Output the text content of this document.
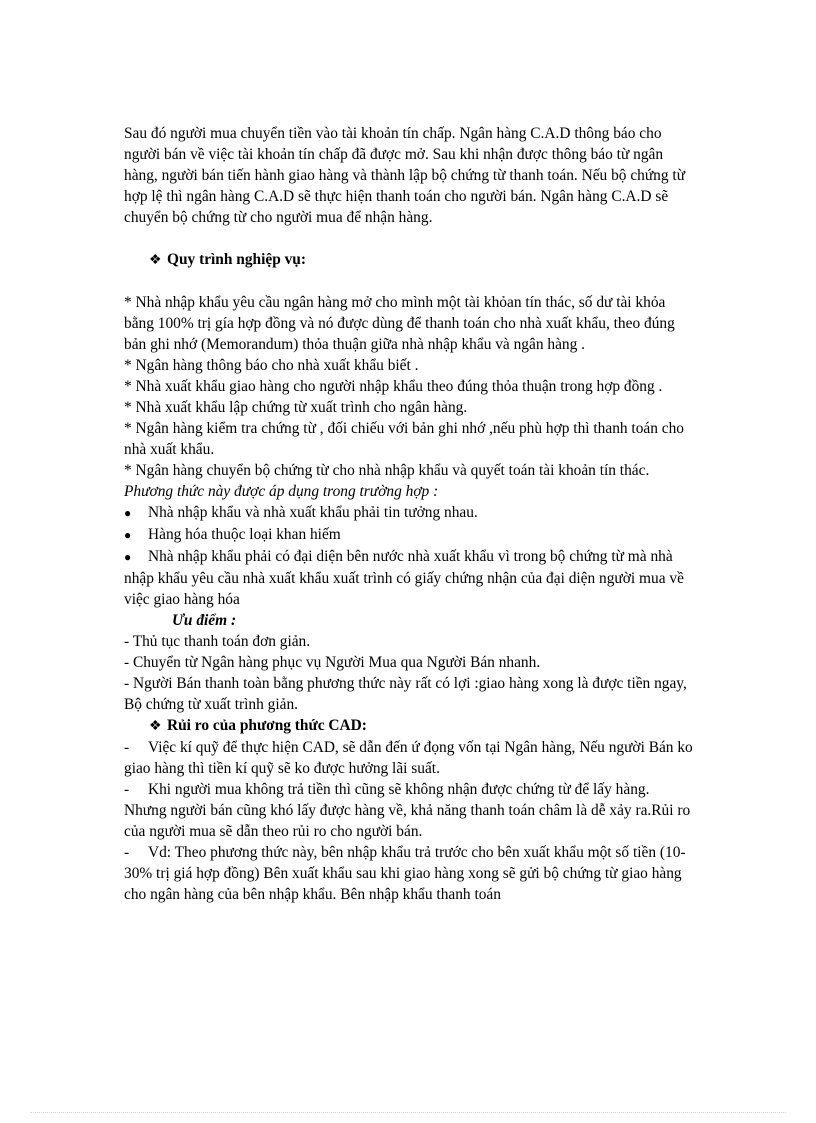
Sau đó người mua chuyển tiền vào tài khoản tín chấp. Ngân hàng C.A.D thông báo cho người bán về việc tài khoản tín chấp đã được mở. Sau khi nhận được thông báo từ ngân hàng, người bán tiến hành giao hàng và thành lập bộ chứng từ thanh toán. Nếu bộ chứng từ hợp lệ thì ngân hàng C.A.D sẽ thực hiện thanh toán cho người bán. Ngân hàng C.A.D sẽ chuyển bộ chứng từ cho người mua để nhận hàng.

❖ Quy trình nghiệp vụ:

* Nhà nhập khẩu yêu cầu ngân hàng mở cho mình một tài khỏan tín thác, số dư tài khỏa bằng 100% trị gía hợp đồng và nó được dùng để thanh toán cho nhà xuất khẩu, theo đúng bản ghi nhớ (Memorandum) thỏa thuận giữa nhà nhập khẩu và ngân hàng .

* Ngân hàng thông báo cho nhà xuất khẩu biết .

* Nhà xuất khẩu giao hàng cho người nhập khẩu theo đúng thỏa thuận trong hợp đồng .

* Nhà xuất khẩu lập chứng từ xuất trình cho ngân hàng.

* Ngân hàng kiểm tra chứng từ , đối chiếu với bản ghi nhớ ,nếu phù hợp thì thanh toán cho nhà xuất khẩu.

* Ngân hàng chuyển bộ chứng từ cho nhà nhập khẩu và quyết toán tài khoản tín thác.

Phương thức này được áp dụng trong trường hợp :

● Nhà nhập khẩu và nhà xuất khẩu phải tin tưởng nhau.

● Hàng hóa thuộc loại khan hiếm

● Nhà nhập khẩu phải có đại diện bên nước nhà xuất khẩu vì trong bộ chứng từ mà nhà nhập khẩu yêu cầu nhà xuất khẩu xuất trình có giấy chứng nhận của đại diện người mua về việc giao hàng hóa

Ưu điểm :

- Thủ tục thanh toán đơn giản.

- Chuyển từ Ngân hàng phục vụ Người Mua qua Người Bán nhanh.

- Người Bán thanh toàn bằng phương thức này rất có lợi :giao hàng xong là được tiền ngay, Bộ chứng từ xuất trình giản.

❖ Rủi ro của phương thức CAD:

- Việc kí quỹ để thực hiện CAD, sẽ dẫn đến ứ đọng vốn tại Ngân hàng, Nếu người Bán ko giao hàng thì tiền kí quỹ sẽ ko được hưởng lãi suất.

- Khi người mua không trả tiền thì cũng sẽ không nhận được chứng từ để lấy hàng. Nhưng người bán cũng khó lấy được hàng về, khả năng thanh toán châm là dễ xảy ra.Rủi ro của người mua sẽ dẫn theo rủi ro cho người bán.

- Vd: Theo phương thức này, bên nhập khẩu trả trước cho bên xuất khẩu một số tiền (10-30% trị giá hợp đồng) Bên xuất khẩu sau khi giao hàng xong sẽ gửi bộ chứng từ giao hàng cho ngân hàng của bên nhập khẩu. Bên nhập khẩu thanh toán
